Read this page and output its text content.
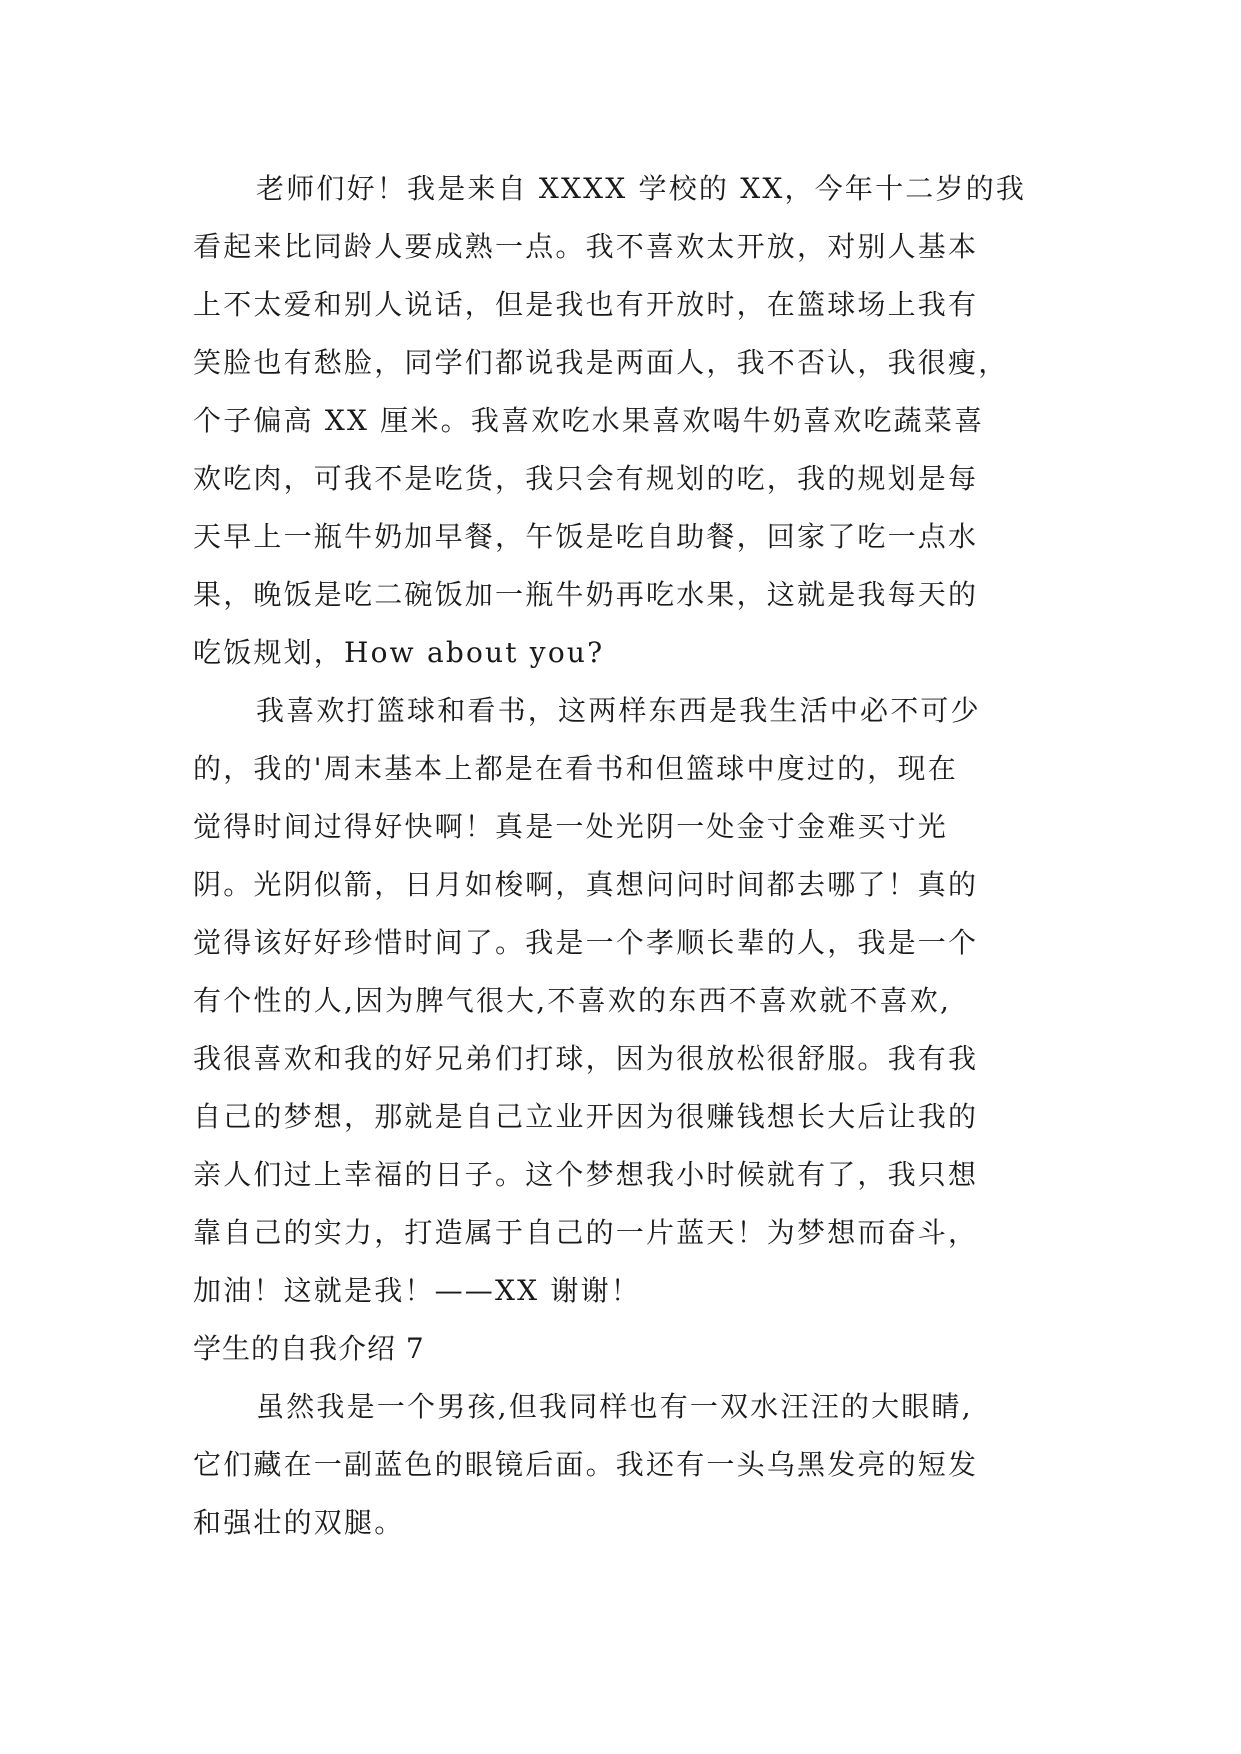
老师们好！我是来自 XXXX 学校的 XX，今年十二岁的我
看起来比同龄人要成熟一点。我不喜欢太开放，对别人基本
上不太爱和别人说话，但是我也有开放时，在篮球场上我有
笑脸也有愁脸，同学们都说我是两面人，我不否认，我很瘦，
个子偏高 XX 厘米。我喜欢吃水果喜欢喝牛奶喜欢吃蔬菜喜
欢吃肉，可我不是吃货，我只会有规划的吃，我的规划是每
天早上一瓶牛奶加早餐，午饭是吃自助餐，回家了吃一点水
果，晚饭是吃二碗饭加一瓶牛奶再吃水果，这就是我每天的
吃饭规划，How about you?
我喜欢打篮球和看书，这两样东西是我生活中必不可少
的，我的'周末基本上都是在看书和但篮球中度过的，现在
觉得时间过得好快啊！真是一处光阴一处金寸金难买寸光
阴。光阴似箭，日月如梭啊，真想问问时间都去哪了！真的
觉得该好好珍惜时间了。我是一个孝顺长辈的人，我是一个
有个性的人,因为脾气很大,不喜欢的东西不喜欢就不喜欢,
我很喜欢和我的好兄弟们打球，因为很放松很舒服。我有我
自己的梦想，那就是自己立业开因为很赚钱想长大后让我的
亲人们过上幸福的日子。这个梦想我小时候就有了，我只想
靠自己的实力，打造属于自己的一片蓝天！为梦想而奋斗，
加油！这就是我！——XX 谢谢！
学生的自我介绍 7
虽然我是一个男孩,但我同样也有一双水汪汪的大眼睛,
它们藏在一副蓝色的眼镜后面。我还有一头乌黑发亮的短发
和强壮的双腿。
